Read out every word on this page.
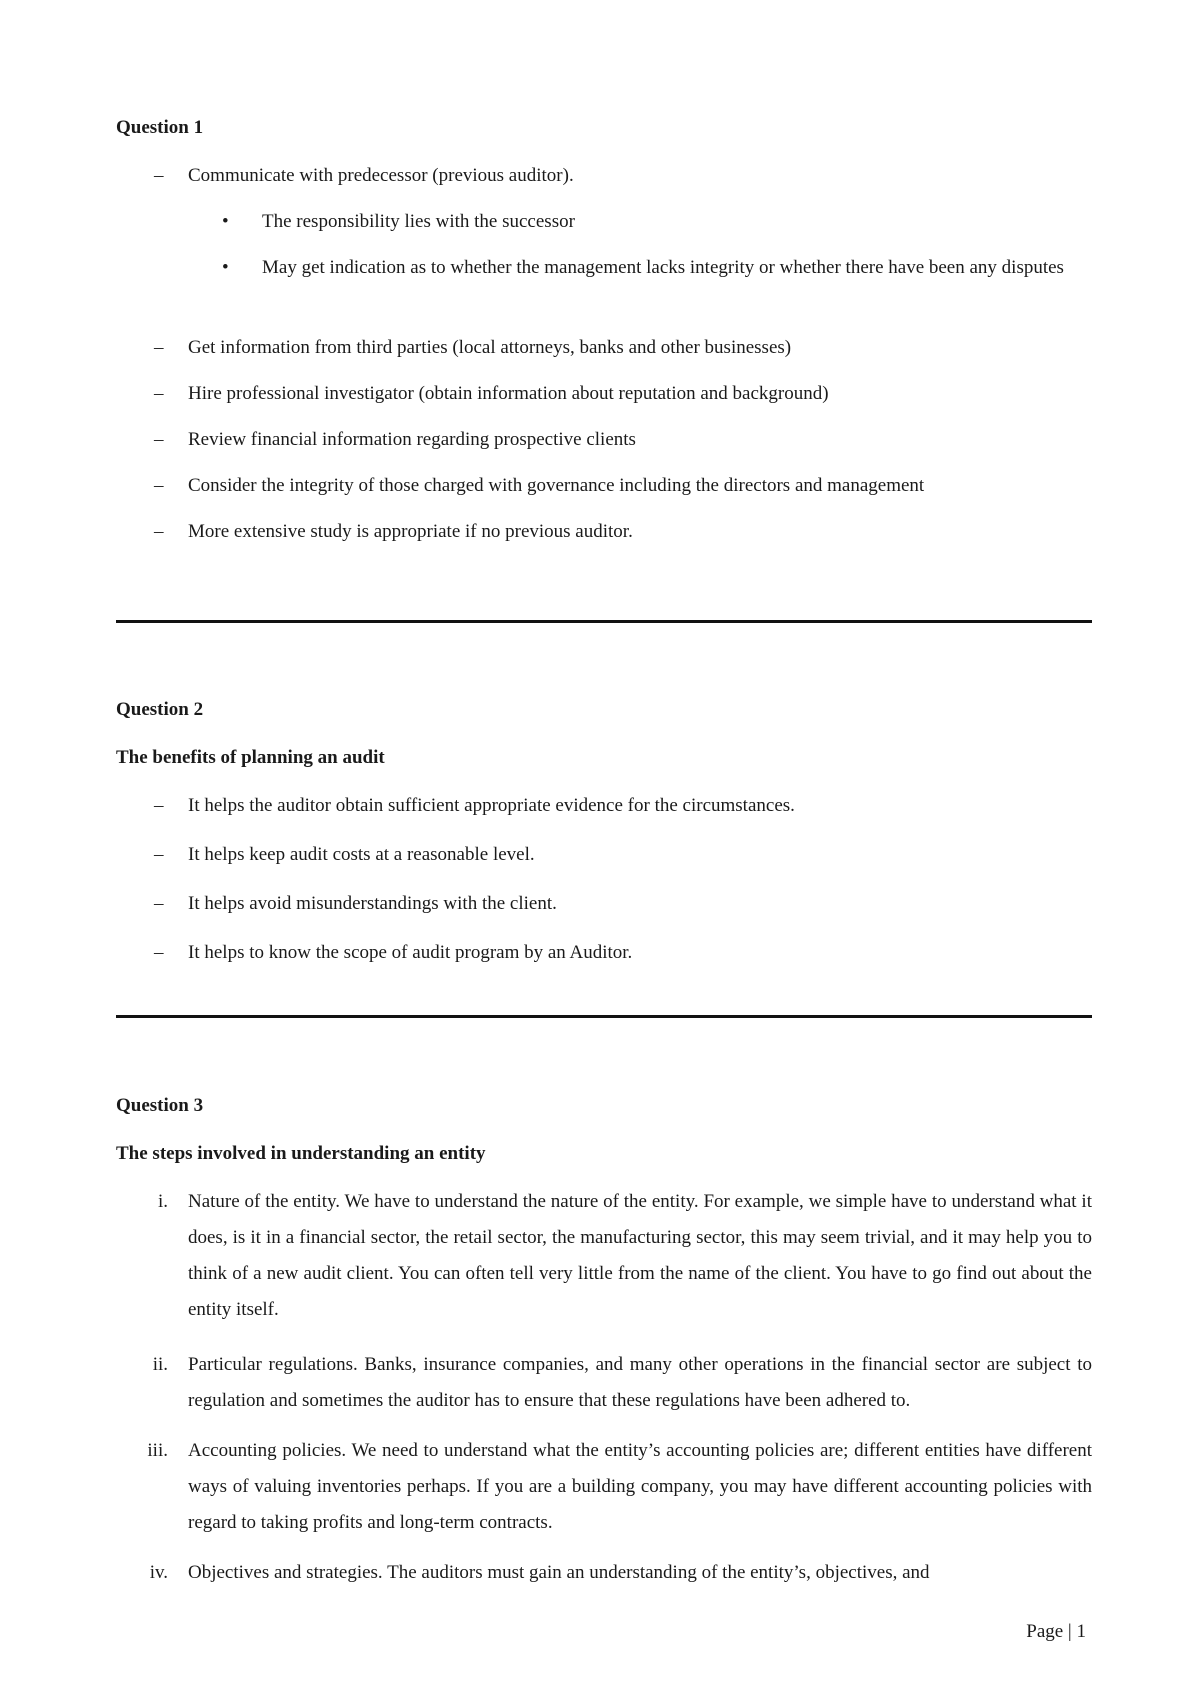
Question 1

– Communicate with predecessor (previous auditor).
• The responsibility lies with the successor
• May get indication as to whether the management lacks integrity or whether there have been any disputes
– Get information from third parties (local attorneys, banks and other businesses)
– Hire professional investigator (obtain information about reputation and background)
– Review financial information regarding prospective clients
– Consider the integrity of those charged with governance including the directors and management
– More extensive study is appropriate if no previous auditor.

Question 2

The benefits of planning an audit

– It helps the auditor obtain sufficient appropriate evidence for the circumstances.
– It helps keep audit costs at a reasonable level.
– It helps avoid misunderstandings with the client.
– It helps to know the scope of audit program by an Auditor.

Question 3

The steps involved in understanding an entity

i. Nature of the entity. We have to understand the nature of the entity. For example, we simple have to understand what it does, is it in a financial sector, the retail sector, the manufacturing sector, this may seem trivial, and it may help you to think of a new audit client. You can often tell very little from the name of the client. You have to go find out about the entity itself.
ii. Particular regulations. Banks, insurance companies, and many other operations in the financial sector are subject to regulation and sometimes the auditor has to ensure that these regulations have been adhered to.
iii. Accounting policies. We need to understand what the entity’s accounting policies are; different entities have different ways of valuing inventories perhaps. If you are a building company, you may have different accounting policies with regard to taking profits and long-term contracts.
iv. Objectives and strategies. The auditors must gain an understanding of the entity’s, objectives, and
Page | 1
